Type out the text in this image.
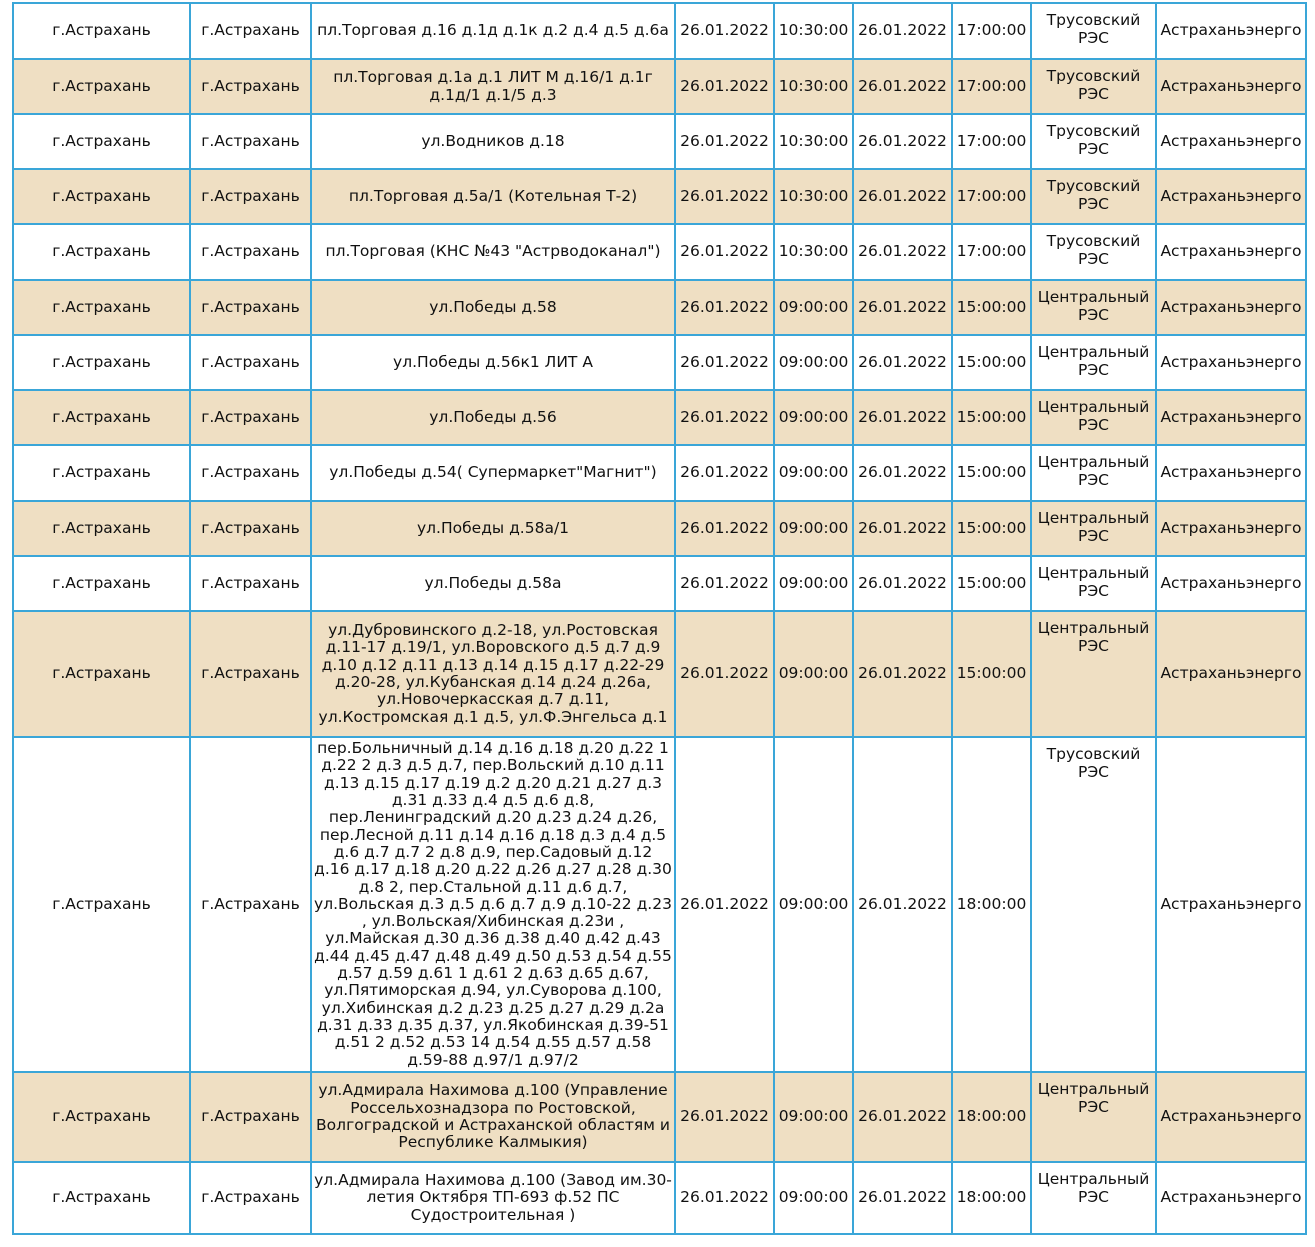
г.Астрахань	г.Астрахань	пл.Торговая д.16 д.1д д.1к д.2 д.4 д.5 д.6а	26.01.2022	10:30:00	26.01.2022	17:00:00	Трусовский РЭС	Астраханьэнерго
г.Астрахань	г.Астрахань	пл.Торговая д.1а д.1 ЛИТ М д.16/1 д.1г д.1д/1 д.1/5 д.3	26.01.2022	10:30:00	26.01.2022	17:00:00	Трусовский РЭС	Астраханьэнерго
г.Астрахань	г.Астрахань	ул.Водников д.18	26.01.2022	10:30:00	26.01.2022	17:00:00	Трусовский РЭС	Астраханьэнерго
г.Астрахань	г.Астрахань	пл.Торговая д.5а/1 (Котельная Т-2)	26.01.2022	10:30:00	26.01.2022	17:00:00	Трусовский РЭС	Астраханьэнерго
г.Астрахань	г.Астрахань	пл.Торговая (КНС №43 "Астрводоканал")	26.01.2022	10:30:00	26.01.2022	17:00:00	Трусовский РЭС	Астраханьэнерго
г.Астрахань	г.Астрахань	ул.Победы д.58	26.01.2022	09:00:00	26.01.2022	15:00:00	Центральный РЭС	Астраханьэнерго
г.Астрахань	г.Астрахань	ул.Победы д.56к1 ЛИТ А	26.01.2022	09:00:00	26.01.2022	15:00:00	Центральный РЭС	Астраханьэнерго
г.Астрахань	г.Астрахань	ул.Победы д.56	26.01.2022	09:00:00	26.01.2022	15:00:00	Центральный РЭС	Астраханьэнерго
г.Астрахань	г.Астрахань	ул.Победы д.54( Супермаркет"Магнит")	26.01.2022	09:00:00	26.01.2022	15:00:00	Центральный РЭС	Астраханьэнерго
г.Астрахань	г.Астрахань	ул.Победы д.58а/1	26.01.2022	09:00:00	26.01.2022	15:00:00	Центральный РЭС	Астраханьэнерго
г.Астрахань	г.Астрахань	ул.Победы д.58а	26.01.2022	09:00:00	26.01.2022	15:00:00	Центральный РЭС	Астраханьэнерго
г.Астрахань	г.Астрахань	ул.Дубровинского д.2-18, ул.Ростовская д.11-17 д.19/1, ул.Воровского д.5 д.7 д.9 д.10 д.12 д.11 д.13 д.14 д.15 д.17 д.22-29 д.20-28, ул.Кубанская д.14 д.24 д.26а, ул.Новочеркасская д.7 д.11, ул.Костромская д.1 д.5, ул.Ф.Энгельса д.1	26.01.2022	09:00:00	26.01.2022	15:00:00	Центральный РЭС	Астраханьэнерго
г.Астрахань	г.Астрахань	пер.Больничный д.14 д.16 д.18 д.20 д.22 1 д.22 2 д.3 д.5 д.7, пер.Вольский д.10 д.11 д.13 д.15 д.17 д.19 д.2 д.20 д.21 д.27 д.3 д.31 д.33 д.4 д.5 д.6 д.8, пер.Ленинградский д.20 д.23 д.24 д.26, пер.Лесной д.11 д.14 д.16 д.18 д.3 д.4 д.5 д.6 д.7 д.7 2 д.8 д.9, пер.Садовый д.12 д.16 д.17 д.18 д.20 д.22 д.26 д.27 д.28 д.30 д.8 2, пер.Стальной д.11 д.6 д.7, ул.Вольская д.3 д.5 д.6 д.7 д.9 д.10-22 д.23 , ул.Вольская/Хибинская д.23и , ул.Майская д.30 д.36 д.38 д.40 д.42 д.43 д.44 д.45 д.47 д.48 д.49 д.50 д.53 д.54 д.55 д.57 д.59 д.61 1 д.61 2 д.63 д.65 д.67, ул.Пятиморская д.94, ул.Суворова д.100, ул.Хибинская д.2 д.23 д.25 д.27 д.29 д.2а д.31 д.33 д.35 д.37, ул.Якобинская д.39-51 д.51 2 д.52 д.53 14 д.54 д.55 д.57 д.58 д.59-88 д.97/1 д.97/2	26.01.2022	09:00:00	26.01.2022	18:00:00	Трусовский РЭС	Астраханьэнерго
г.Астрахань	г.Астрахань	ул.Адмирала Нахимова д.100 (Управление Россельхознадзора по Ростовской, Волгоградской и Астраханской областям и Республике Калмыкия)	26.01.2022	09:00:00	26.01.2022	18:00:00	Центральный РЭС	Астраханьэнерго
г.Астрахань	г.Астрахань	ул.Адмирала Нахимова д.100 (Завод им.30-летия Октября ТП-693 ф.52 ПС Судостроительная )	26.01.2022	09:00:00	26.01.2022	18:00:00	Центральный РЭС	Астраханьэнерго
